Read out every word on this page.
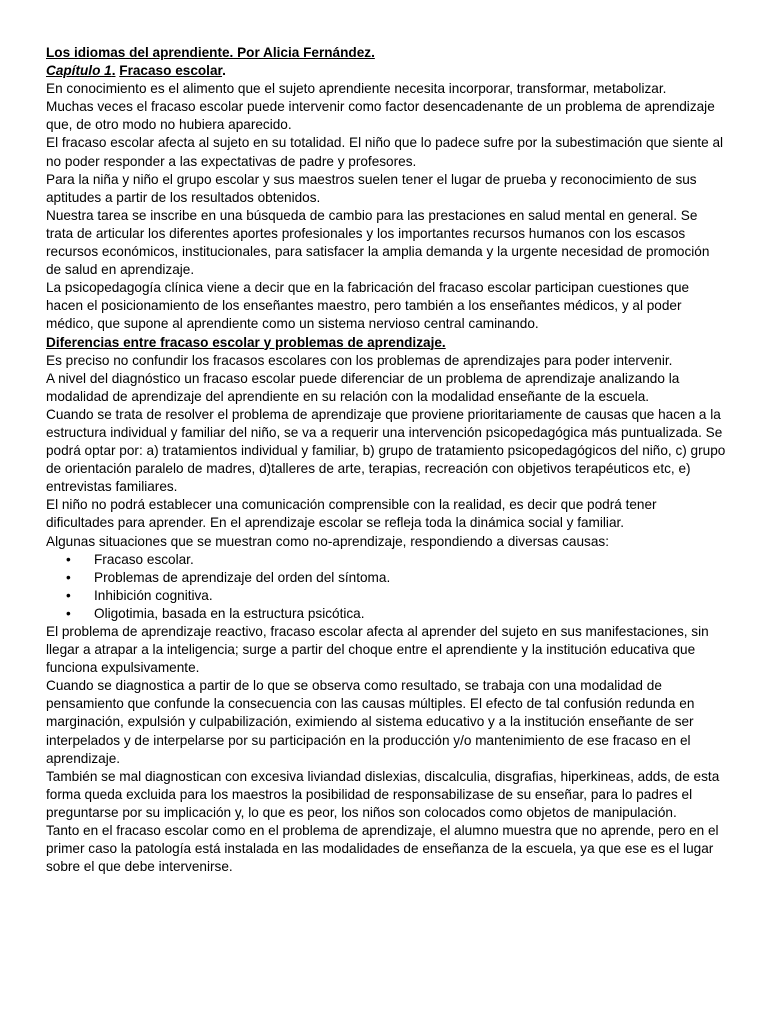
Los idiomas del aprendiente. Por Alicia Fernández.

Capítulo 1. Fracaso escolar.

En conocimiento es el alimento que el sujeto aprendiente necesita incorporar, transformar, metabolizar.

Muchas veces el fracaso escolar puede intervenir como factor desencadenante de un problema de aprendizaje que, de otro modo no hubiera aparecido.

El fracaso escolar afecta al sujeto en su totalidad. El niño que lo padece sufre por la subestimación que siente al no poder responder a las expectativas de padre y profesores.

Para la niña y niño el grupo escolar y sus maestros suelen tener el lugar de prueba y reconocimiento de sus aptitudes a partir de los resultados obtenidos.

Nuestra tarea se inscribe en una búsqueda de cambio para las prestaciones en salud mental en general. Se trata de articular los diferentes aportes profesionales y los importantes recursos humanos con los escasos recursos económicos, institucionales, para satisfacer la amplia demanda y la urgente necesidad de promoción de salud en aprendizaje.

La psicopedagogía clínica viene a decir que en la fabricación del fracaso escolar participan cuestiones que hacen el posicionamiento de los enseñantes maestro, pero también a los enseñantes médicos, y al poder médico, que supone al aprendiente como un sistema nervioso central caminando.

Diferencias entre fracaso escolar y problemas de aprendizaje.

Es preciso no confundir los fracasos escolares con los problemas de aprendizajes para poder intervenir.

A nivel del diagnóstico un fracaso escolar puede diferenciar de un problema de aprendizaje analizando la modalidad de aprendizaje del aprendiente en su relación con la modalidad enseñante de la escuela.

Cuando se trata de resolver el problema de aprendizaje que proviene prioritariamente de causas que hacen a la estructura individual y familiar del niño, se va a requerir una intervención psicopedagógica más puntualizada. Se podrá optar por: a) tratamientos individual y familiar, b) grupo de tratamiento psicopedagógicos del niño, c) grupo de orientación paralelo de madres, d)talleres de arte, terapias, recreación con objetivos terapéuticos etc, e) entrevistas familiares.

El niño no podrá establecer una comunicación comprensible con la realidad, es decir que podrá tener dificultades para aprender. En el aprendizaje escolar se refleja toda la dinámica social y familiar.

Algunas situaciones que se muestran como no-aprendizaje, respondiendo a diversas causas:

• Fracaso escolar.
• Problemas de aprendizaje del orden del síntoma.
• Inhibición cognitiva.
• Oligotimia, basada en la estructura psicótica.

El problema de aprendizaje reactivo, fracaso escolar afecta al aprender del sujeto en sus manifestaciones, sin llegar a atrapar a la inteligencia; surge a partir del choque entre el aprendiente y la institución educativa que funciona expulsivamente.

Cuando se diagnostica a partir de lo que se observa como resultado, se trabaja con una modalidad de pensamiento que confunde la consecuencia con las causas múltiples. El efecto de tal confusión redunda en marginación, expulsión y culpabilización, eximiendo al sistema educativo y a la institución enseñante de ser interpelados y de interpelarse por su participación en la producción y/o mantenimiento de ese fracaso en el aprendizaje.

También se mal diagnostican con excesiva liviandad dislexias, discalculia, disgrafias, hiperkineas, adds, de esta forma queda excluida para los maestros la posibilidad de responsabilizase de su enseñar, para lo padres el preguntarse por su implicación y, lo que es peor, los niños son colocados como objetos de manipulación.

Tanto en el fracaso escolar como en el problema de aprendizaje, el alumno muestra que no aprende, pero en el primer caso la patología está instalada en las modalidades de enseñanza de la escuela, ya que ese es el lugar sobre el que debe intervenirse.
